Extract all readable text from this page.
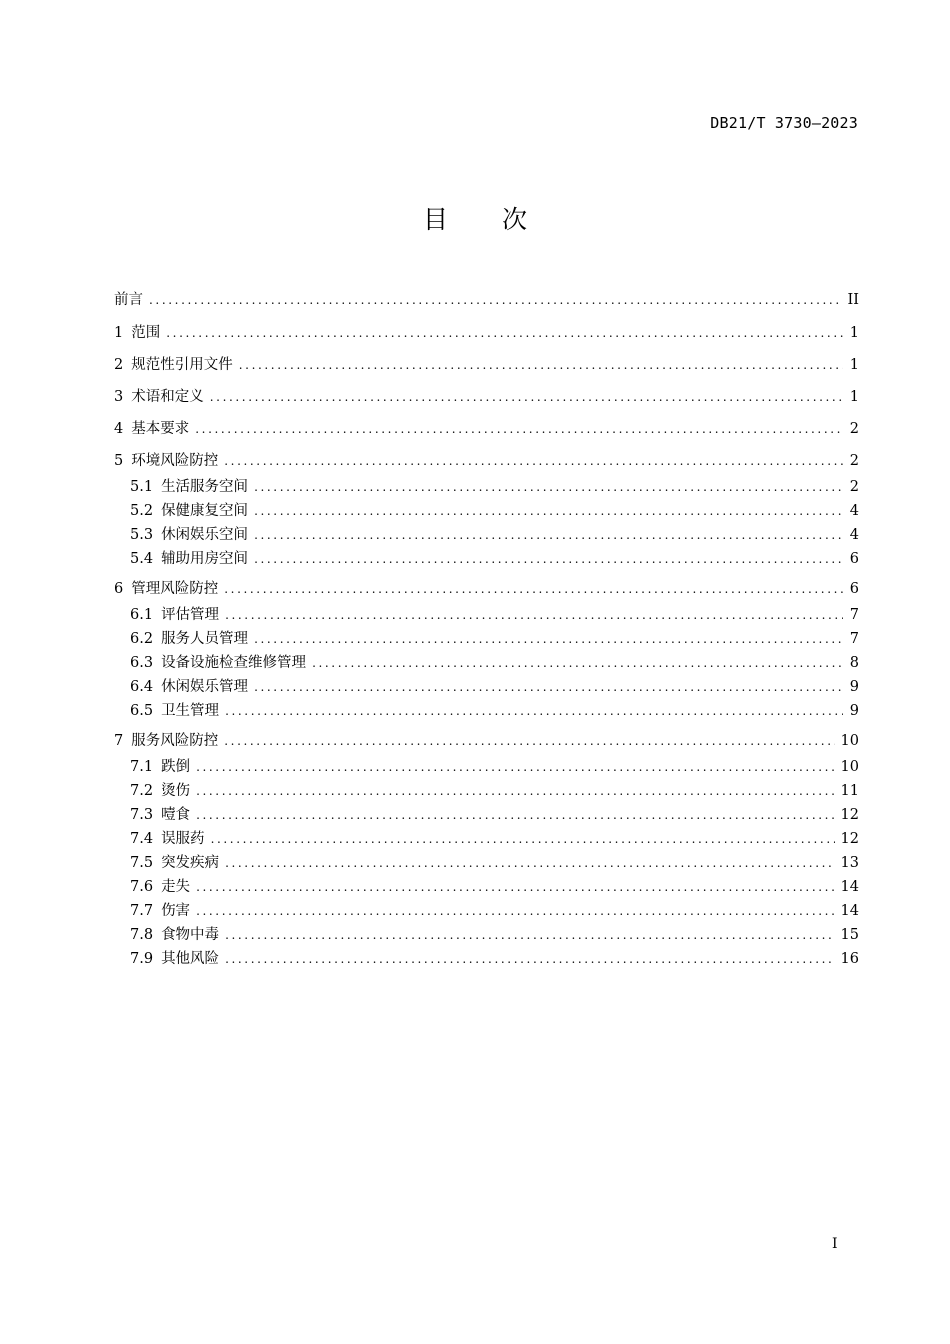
DB21/T 3730—2023
目 次
前言 .....	II
1 范围 .....	1
2 规范性引用文件 .....	1
3 术语和定义 .....	1
4 基本要求 .....	2
5 环境风险防控 .....	2
5.1 生活服务空间 .....	2
5.2 保健康复空间 .....	4
5.3 休闲娱乐空间 .....	4
5.4 辅助用房空间 .....	6
6 管理风险防控 .....	6
6.1 评估管理 .....	7
6.2 服务人员管理 .....	7
6.3 设备设施检查维修管理 .....	8
6.4 休闲娱乐管理 .....	9
6.5 卫生管理 .....	9
7 服务风险防控 .....	10
7.1 跌倒 .....	10
7.2 烫伤 .....	11
7.3 噎食 .....	12
7.4 误服药 .....	12
7.5 突发疾病 .....	13
7.6 走失 .....	14
7.7 伤害 .....	14
7.8 食物中毒 .....	15
7.9 其他风险 .....	16
I
